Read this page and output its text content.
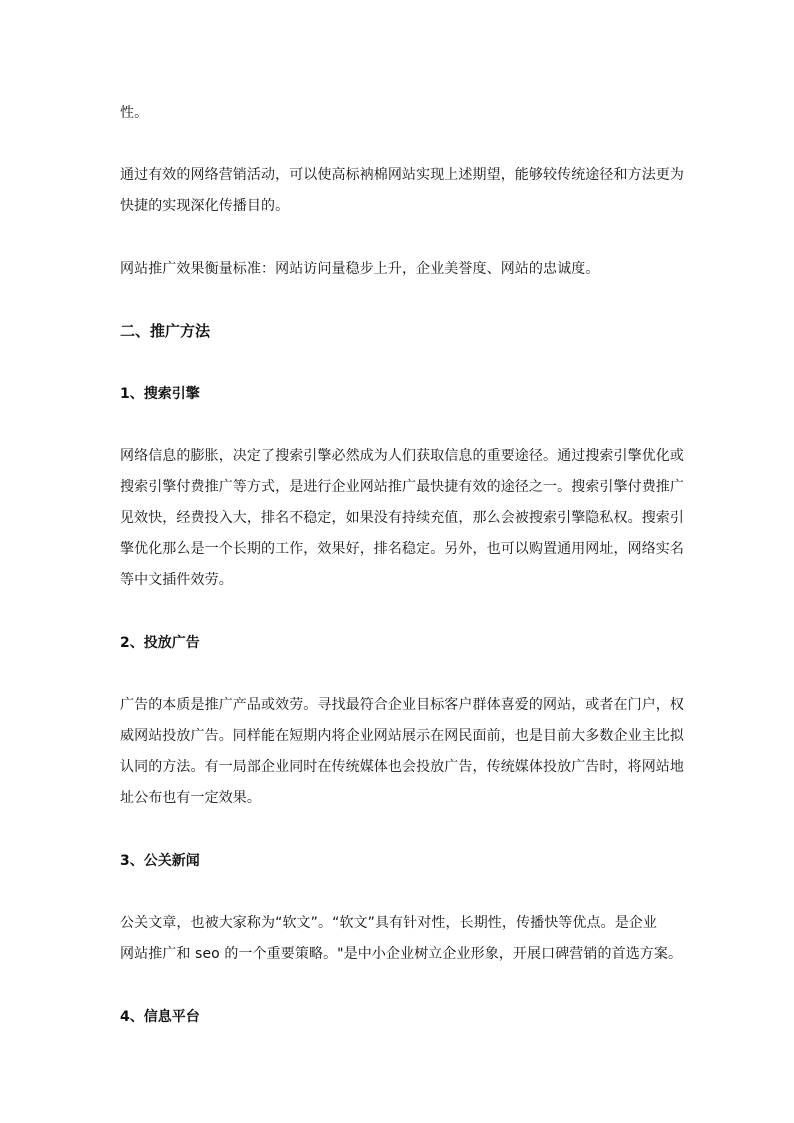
性。
通过有效的网络营销活动，可以使高标衲棉网站实现上述期望，能够较传统途径和方法更为
快捷的实现深化传播目的。
网站推广效果衡量标准：网站访问量稳步上升，企业美誉度、网站的忠诚度。
二、推广方法
1、搜索引擎
网络信息的膨胀，决定了搜索引擎必然成为人们获取信息的重要途径。通过搜索引擎优化或
搜索引擎付费推广等方式，是进行企业网站推广最快捷有效的途径之一。搜索引擎付费推广
见效快，经费投入大，排名不稳定，如果没有持续充值，那么会被搜索引擎隐私权。搜索引
擎优化那么是一个长期的工作，效果好，排名稳定。另外，也可以购置通用网址，网络实名
等中文插件效劳。
2、投放广告
广告的本质是推广产品或效劳。寻找最符合企业目标客户群体喜爱的网站，或者在门户，权
威网站投放广告。同样能在短期内将企业网站展示在网民面前，也是目前大多数企业主比拟
认同的方法。有一局部企业同时在传统媒体也会投放广告，传统媒体投放广告时，将网站地
址公布也有一定效果。
3、公关新闻
公关文章，也被大家称为“软文”。“软文”具有针对性，长期性，传播快等优点。是企业
网站推广和 seo 的一个重要策略。"是中小企业树立企业形象，开展口碑营销的首选方案。
4、信息平台
